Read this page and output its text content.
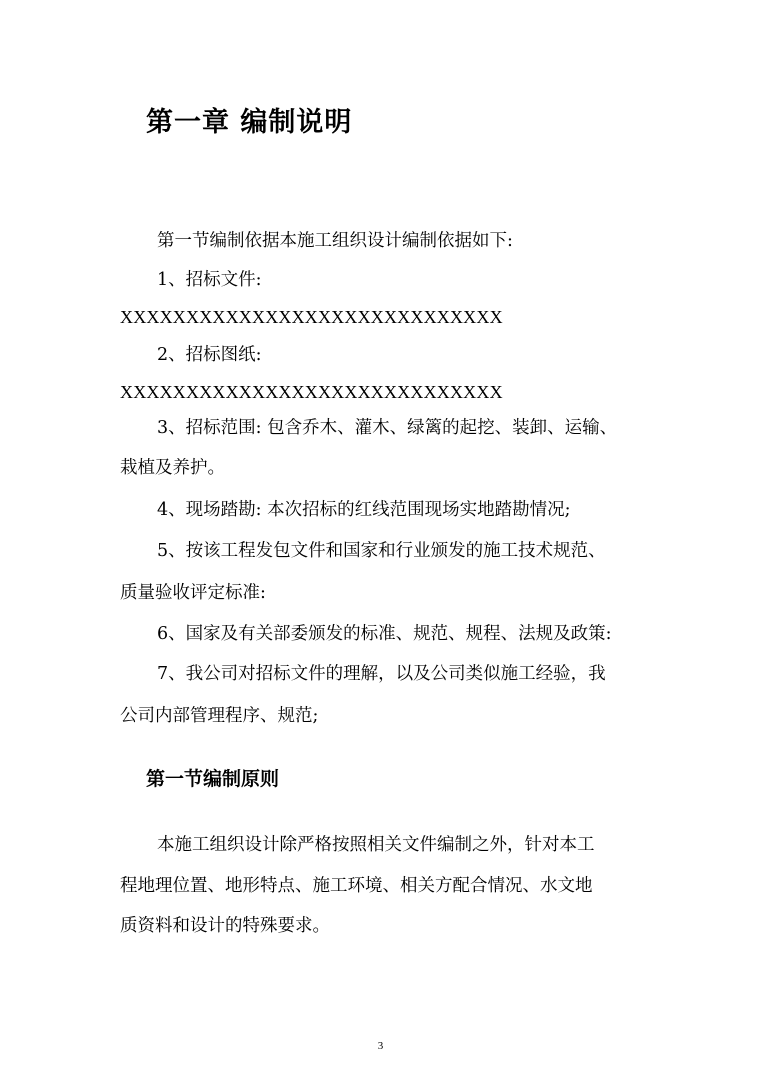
第一章 编制说明
第一节编制依据本施工组织设计编制依据如下:
1、招标文件:
XXXXXXXXXXXXXXXXXXXXXXXXXXXXX
2、招标图纸:
XXXXXXXXXXXXXXXXXXXXXXXXXXXXX
3、招标范围: 包含乔木、灌木、绿篱的起挖、装卸、运输、
栽植及养护。
4、现场踏勘: 本次招标的红线范围现场实地踏勘情况;
5、按该工程发包文件和国家和行业颁发的施工技术规范、
质量验收评定标准:
6、国家及有关部委颁发的标准、规范、规程、法规及政策:
7、我公司对招标文件的理解，以及公司类似施工经验，我
公司内部管理程序、规范;
第一节编制原则
本施工组织设计除严格按照相关文件编制之外，针对本工
程地理位置、地形特点、施工环境、相关方配合情况、水文地
质资料和设计的特殊要求。
3
